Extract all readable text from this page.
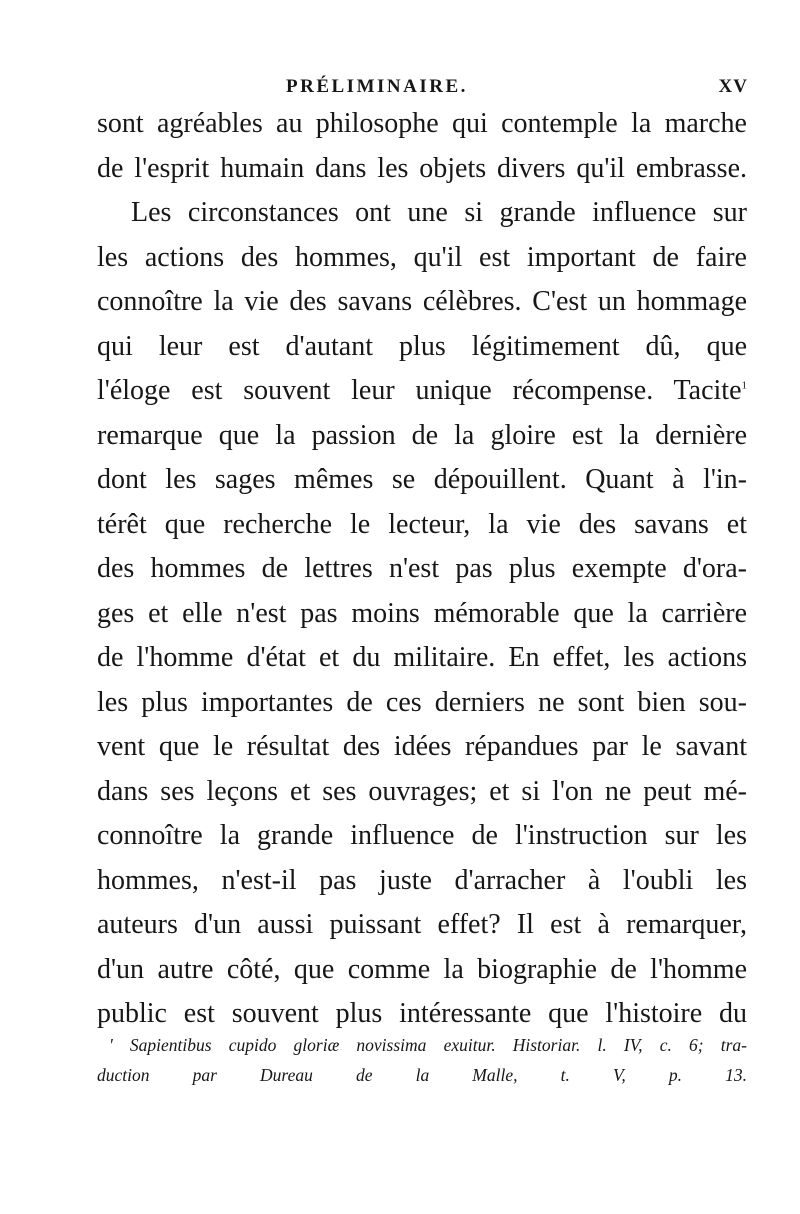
PRÉLIMINAIRE.	XV
sont agréables au philosophe qui contemple la marche
de l'esprit humain dans les objets divers qu'il embrasse.
Les circonstances ont une si grande influence sur
les actions des hommes, qu'il est important de faire
connoître la vie des savans célèbres. C'est un hommage
qui leur est d'autant plus légitimement dû, que
l'éloge est souvent leur unique récompense. Tacite$^1$
remarque que la passion de la gloire est la dernière
dont les sages mêmes se dépouillent. Quant à l'in-
térêt que recherche le lecteur, la vie des savans et
des hommes de lettres n'est pas plus exempte d'ora-
ges et elle n'est pas moins mémorable que la carrière
de l'homme d'état et du militaire. En effet, les actions
les plus importantes de ces derniers ne sont bien sou-
vent que le résultat des idées répandues par le savant
dans ses leçons et ses ouvrages; et si l'on ne peut mé-
connoître la grande influence de l'instruction sur les
hommes, n'est-il pas juste d'arracher à l'oubli les
auteurs d'un aussi puissant effet? Il est à remarquer,
d'un autre côté, que comme la biographie de l'homme
public est souvent plus intéressante que l'histoire du
' Sapientibus cupido gloriæ novissima exuitur. Historiar. l. IV, c. 6; tra-
duction par Dureau de la Malle, t. V, p. 13.
